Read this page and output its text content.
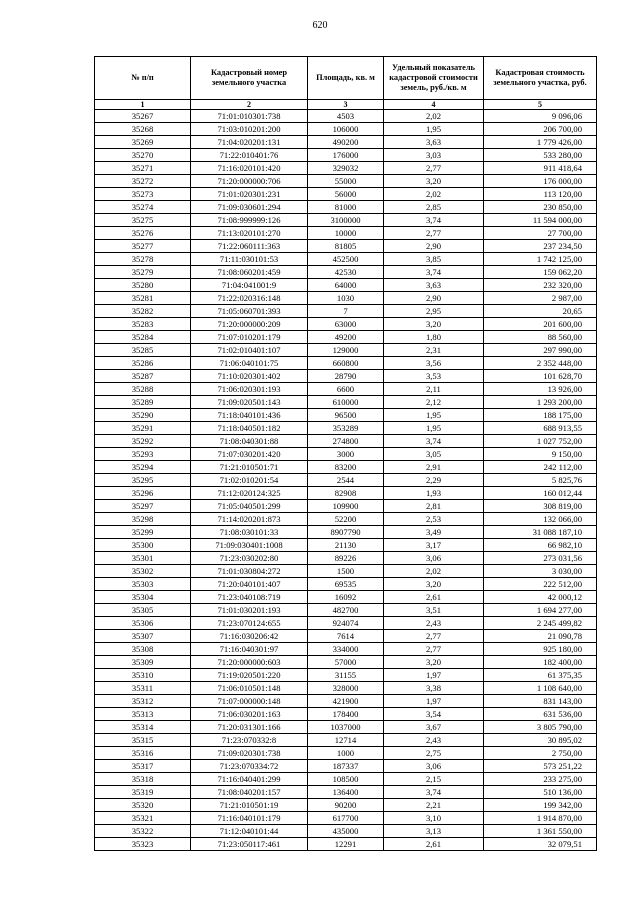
620
№ п/п	Кадастровый номер земельного участка	Площадь, кв. м	Удельный показатель кадастровой стоимости земель, руб./кв. м	Кадастровая стоимость земельного участка, руб.
1	2	3	4	5
35267	71:01:010301:738	4503	2,02	9 096,06
35268	71:03:010201:200	106000	1,95	206 700,00
35269	71:04:020201:131	490200	3,63	1 779 426,00
35270	71:22:010401:76	176000	3,03	533 280,00
35271	71:16:020101:420	329032	2,77	911 418,64
35272	71:20:000000:706	55000	3,20	176 000,00
35273	71:01:020301:231	56000	2,02	113 120,00
35274	71:09:030601:294	81000	2,85	230 850,00
35275	71:08:999999:126	3100000	3,74	11 594 000,00
35276	71:13:020101:270	10000	2,77	27 700,00
35277	71:22:060111:363	81805	2,90	237 234,50
35278	71:11:030101:53	452500	3,85	1 742 125,00
35279	71:08:060201:459	42530	3,74	159 062,20
35280	71:04:041001:9	64000	3,63	232 320,00
35281	71:22:020316:148	1030	2,90	2 987,00
35282	71:05:060701:393	7	2,95	20,65
35283	71:20:000000:209	63000	3,20	201 600,00
35284	71:07:010201:179	49200	1,80	88 560,00
35285	71:02:010401:107	129000	2,31	297 990,00
35286	71:06:040101:75	660800	3,56	2 352 448,00
35287	71:10:020301:402	28790	3,53	101 628,70
35288	71:06:020301:193	6600	2,11	13 926,00
35289	71:09:020501:143	610000	2,12	1 293 200,00
35290	71:18:040101:436	96500	1,95	188 175,00
35291	71:18:040501:182	353289	1,95	688 913,55
35292	71:08:040301:88	274800	3,74	1 027 752,00
35293	71:07:030201:420	3000	3,05	9 150,00
35294	71:21:010501:71	83200	2,91	242 112,00
35295	71:02:010201:54	2544	2,29	5 825,76
35296	71:12:020124:325	82908	1,93	160 012,44
35297	71:05:040501:299	109900	2,81	308 819,00
35298	71:14:020201:873	52200	2,53	132 066,00
35299	71:08:030101:33	8907790	3,49	31 088 187,10
35300	71:09:030401:1008	21130	3,17	66 982,10
35301	71:23:030202:80	89226	3,06	273 031,56
35302	71:01:030804:272	1500	2,02	3 030,00
35303	71:20:040101:407	69535	3,20	222 512,00
35304	71:23:040108:719	16092	2,61	42 000,12
35305	71:01:030201:193	482700	3,51	1 694 277,00
35306	71:23:070124:655	924074	2,43	2 245 499,82
35307	71:16:030206:42	7614	2,77	21 090,78
35308	71:16:040301:97	334000	2,77	925 180,00
35309	71:20:000000:603	57000	3,20	182 400,00
35310	71:19:020501:220	31155	1,97	61 375,35
35311	71:06:010501:148	328000	3,38	1 108 640,00
35312	71:07:000000:148	421900	1,97	831 143,00
35313	71:06:030201:163	178400	3,54	631 536,00
35314	71:20:031301:166	1037000	3,67	3 805 790,00
35315	71:23:070332:8	12714	2,43	30 895,02
35316	71:09:020301:738	1000	2,75	2 750,00
35317	71:23:070334:72	187337	3,06	573 251,22
35318	71:16:040401:299	108500	2,15	233 275,00
35319	71:08:040201:157	136400	3,74	510 136,00
35320	71:21:010501:19	90200	2,21	199 342,00
35321	71:16:040101:179	617700	3,10	1 914 870,00
35322	71:12:040101:44	435000	3,13	1 361 550,00
35323	71:23:050117:461	12291	2,61	32 079,51
